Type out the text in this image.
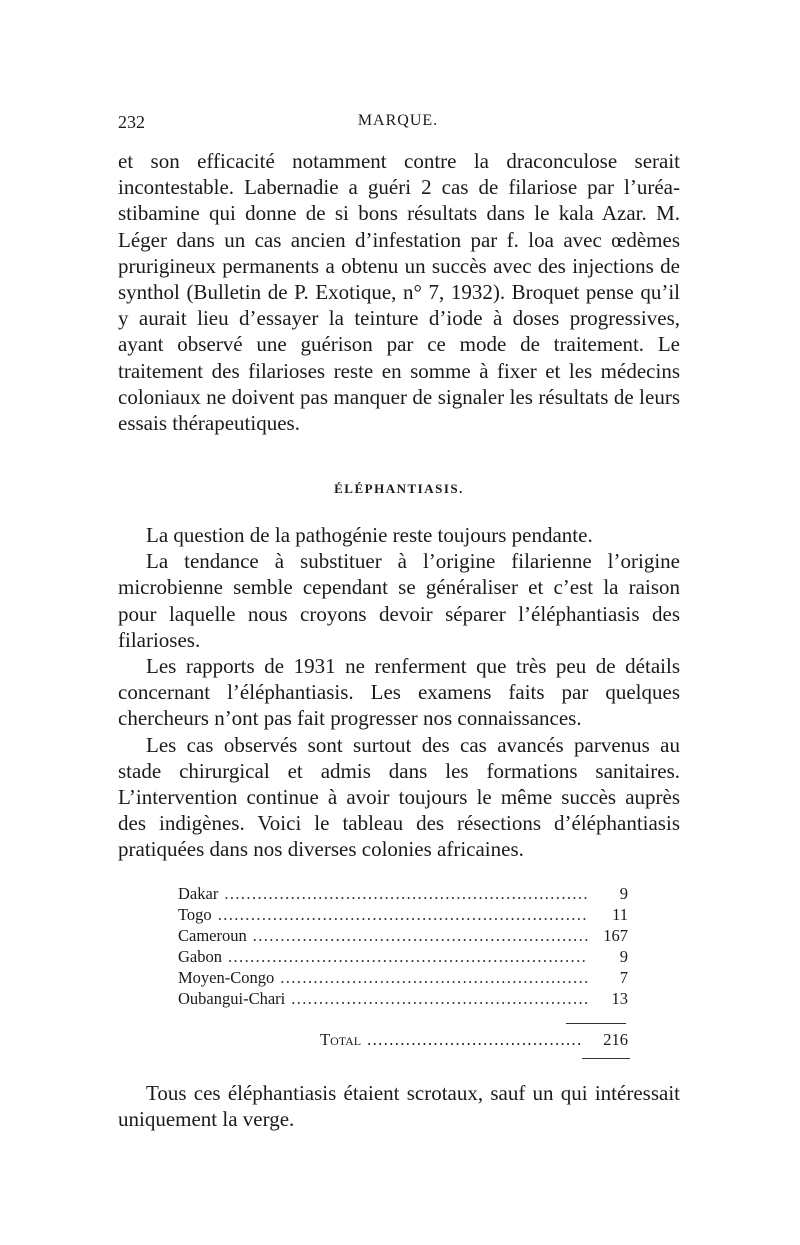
232	MARQUE.

et son efficacité notamment contre la draconculose serait incontestable. Labernadie a guéri 2 cas de filariose par l’uréa-stibamine qui donne de si bons résultats dans le kala Azar. M. Léger dans un cas ancien d’infestation par f. loa avec œdèmes prurigineux permanents a obtenu un succès avec des injections de synthol (Bulletin de P. Exotique, n° 7, 1932). Broquet pense qu’il y aurait lieu d’essayer la teinture d’iode à doses progressives, ayant observé une guérison par ce mode de traitement. Le traitement des filarioses reste en somme à fixer et les médecins coloniaux ne doivent pas manquer de signaler les résultats de leurs essais thérapeutiques.

ÉLÉPHANTIASIS.

La question de la pathogénie reste toujours pendante.

La tendance à substituer à l’origine filarienne l’origine microbienne semble cependant se généraliser et c’est la raison pour laquelle nous croyons devoir séparer l’éléphantiasis des filarioses.

Les rapports de 1931 ne renferment que très peu de détails concernant l’éléphantiasis. Les examens faits par quelques chercheurs n’ont pas fait progresser nos connaissances.

Les cas observés sont surtout des cas avancés parvenus au stade chirurgical et admis dans les formations sanitaires. L’intervention continue à avoir toujours le même succès auprès des indigènes. Voici le tableau des résections d’éléphantiasis pratiquées dans nos diverses colonies africaines.

Dakar .....	9
Togo .....	11
Cameroun .....	167
Gabon .....	9
Moyen-Congo .....	7
Oubangui-Chari .....	13
Total .....	216

Tous ces éléphantiasis étaient scrotaux, sauf un qui intéressait uniquement la verge.
